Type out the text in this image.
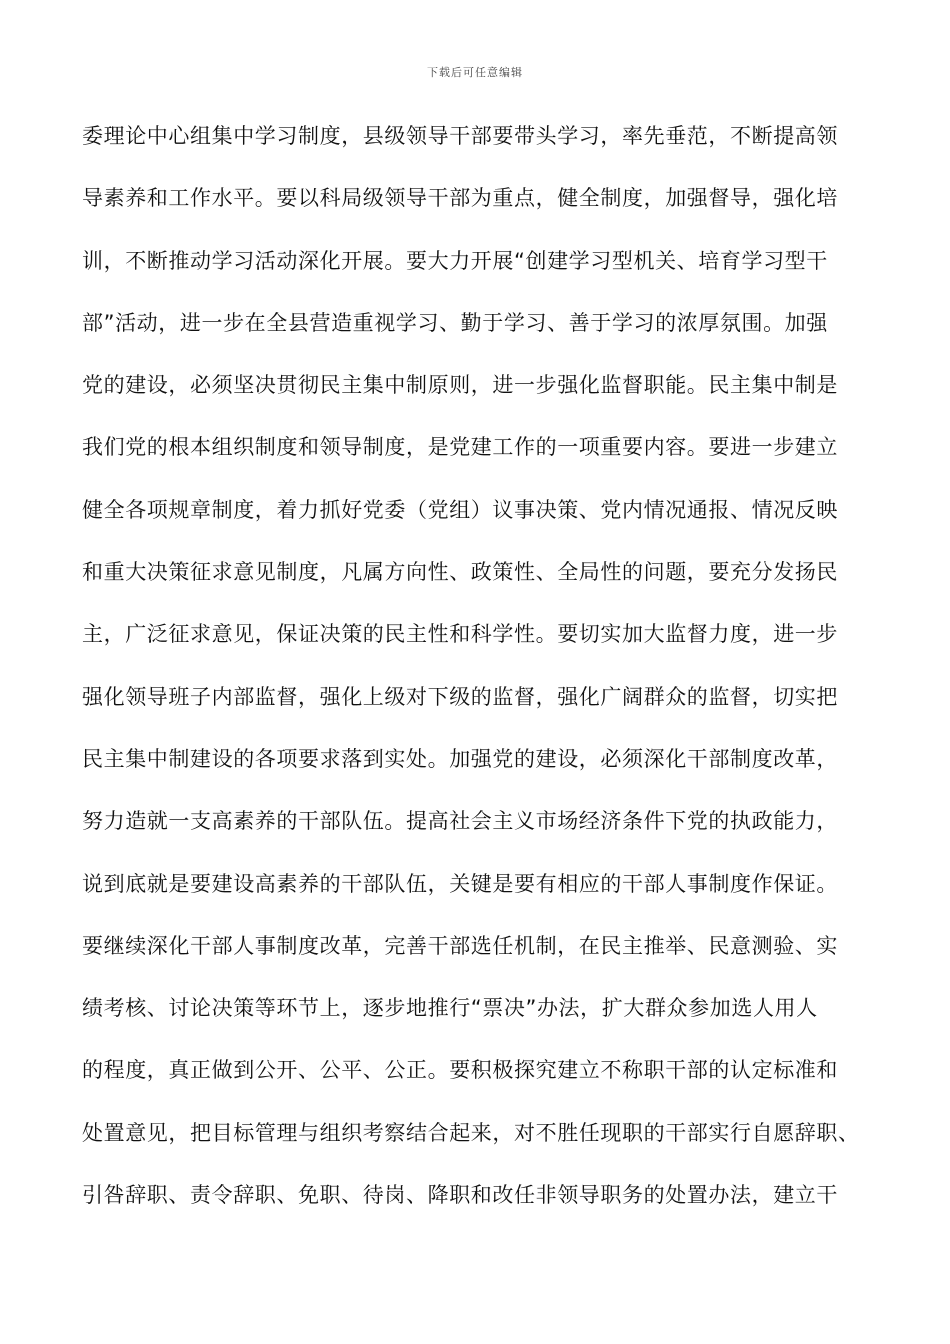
下载后可任意编辑
委理论中心组集中学习制度，县级领导干部要带头学习，率先垂范，不断提高领
导素养和工作水平。要以科局级领导干部为重点，健全制度，加强督导，强化培
训，不断推动学习活动深化开展。要大力开展“创建学习型机关、培育学习型干
部”活动，进一步在全县营造重视学习、勤于学习、善于学习的浓厚氛围。加强
党的建设，必须坚决贯彻民主集中制原则，进一步强化监督职能。民主集中制是
我们党的根本组织制度和领导制度，是党建工作的一项重要内容。要进一步建立
健全各项规章制度，着力抓好党委（党组）议事决策、党内情况通报、情况反映
和重大决策征求意见制度，凡属方向性、政策性、全局性的问题，要充分发扬民
主，广泛征求意见，保证决策的民主性和科学性。要切实加大监督力度，进一步
强化领导班子内部监督，强化上级对下级的监督，强化广阔群众的监督，切实把
民主集中制建设的各项要求落到实处。加强党的建设，必须深化干部制度改革，
努力造就一支高素养的干部队伍。提高社会主义市场经济条件下党的执政能力，
说到底就是要建设高素养的干部队伍，关键是要有相应的干部人事制度作保证。
要继续深化干部人事制度改革，完善干部选任机制，在民主推举、民意测验、实
绩考核、讨论决策等环节上，逐步地推行“票决”办法，扩大群众参加选人用人
的程度，真正做到公开、公平、公正。要积极探究建立不称职干部的认定标准和
处置意见，把目标管理与组织考察结合起来，对不胜任现职的干部实行自愿辞职、
引咎辞职、责令辞职、免职、待岗、降职和改任非领导职务的处置办法，建立干
